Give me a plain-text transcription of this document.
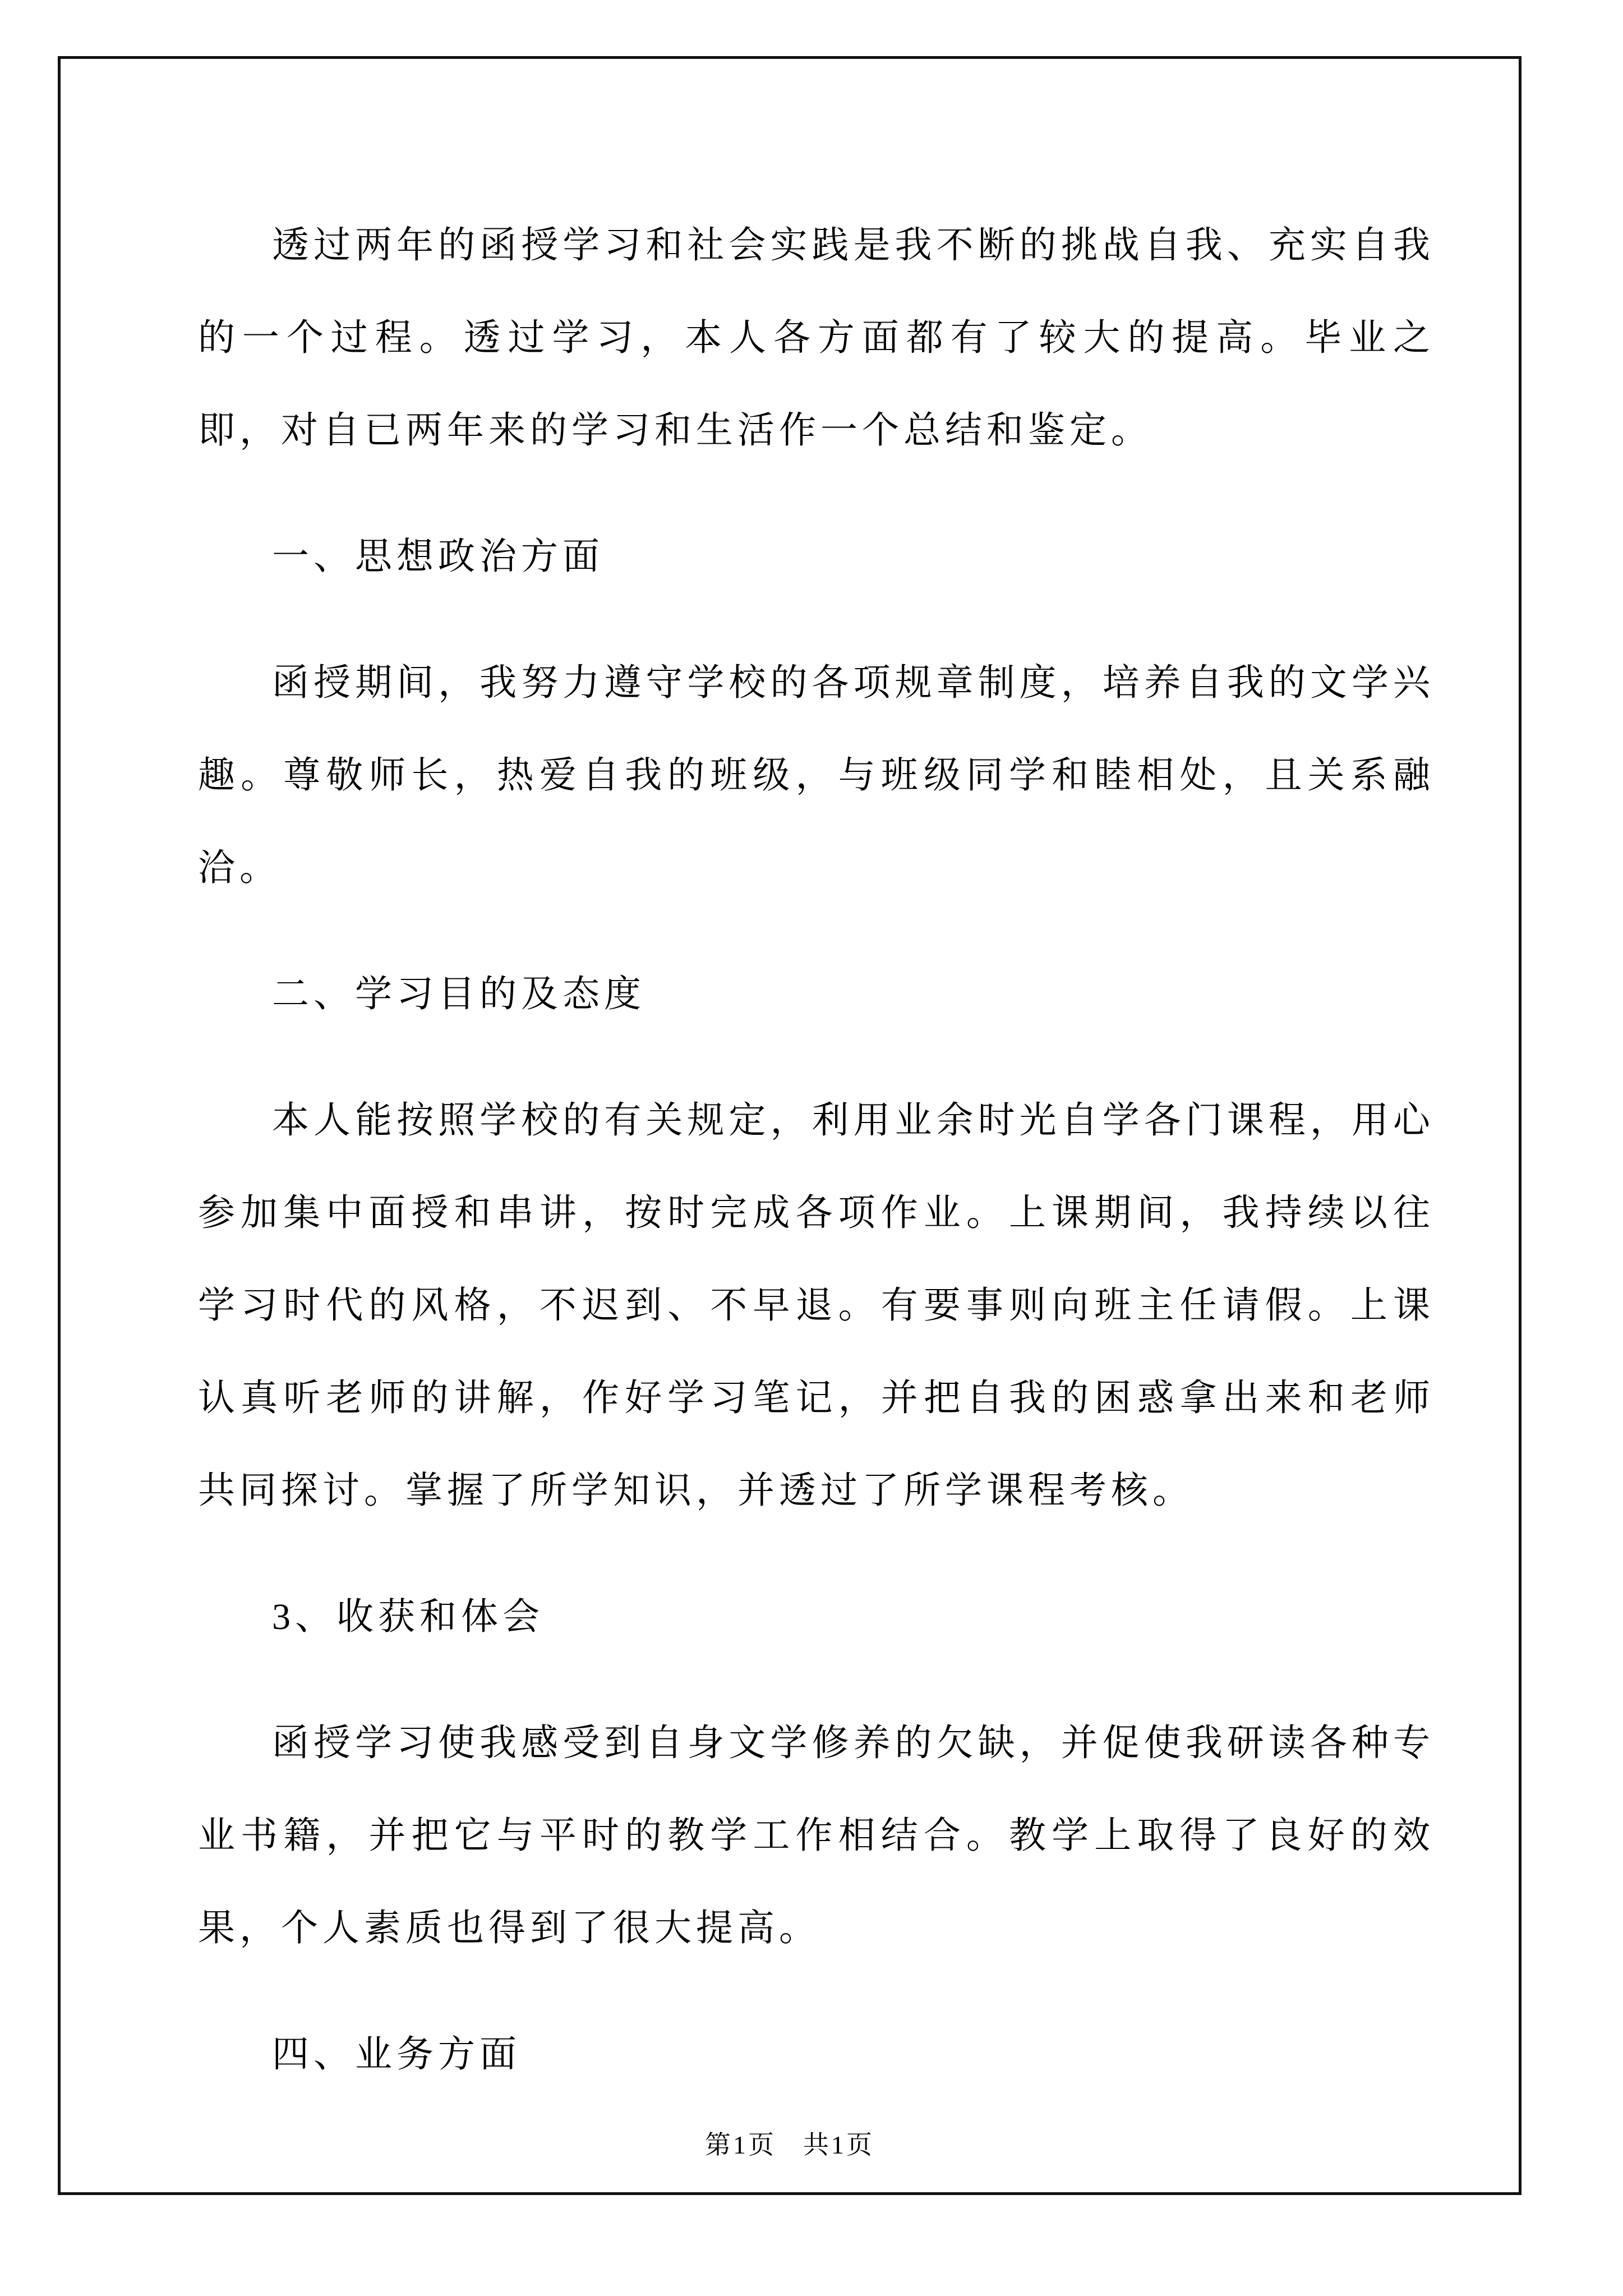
透过两年的函授学习和社会实践是我不断的挑战自我、充实自我的一个过程。透过学习，本人各方面都有了较大的提高。毕业之即，对自已两年来的学习和生活作一个总结和鉴定。

一、思想政治方面

函授期间，我努力遵守学校的各项规章制度，培养自我的文学兴趣。尊敬师长，热爱自我的班级，与班级同学和睦相处，且关系融洽。

二、学习目的及态度

本人能按照学校的有关规定，利用业余时光自学各门课程，用心参加集中面授和串讲，按时完成各项作业。上课期间，我持续以往学习时代的风格，不迟到、不早退。有要事则向班主任请假。上课认真听老师的讲解，作好学习笔记，并把自我的困惑拿出来和老师共同探讨。掌握了所学知识，并透过了所学课程考核。

3、收获和体会

函授学习使我感受到自身文学修养的欠缺，并促使我研读各种专业书籍，并把它与平时的教学工作相结合。教学上取得了良好的效果，个人素质也得到了很大提高。

四、业务方面

第1页 共1页
